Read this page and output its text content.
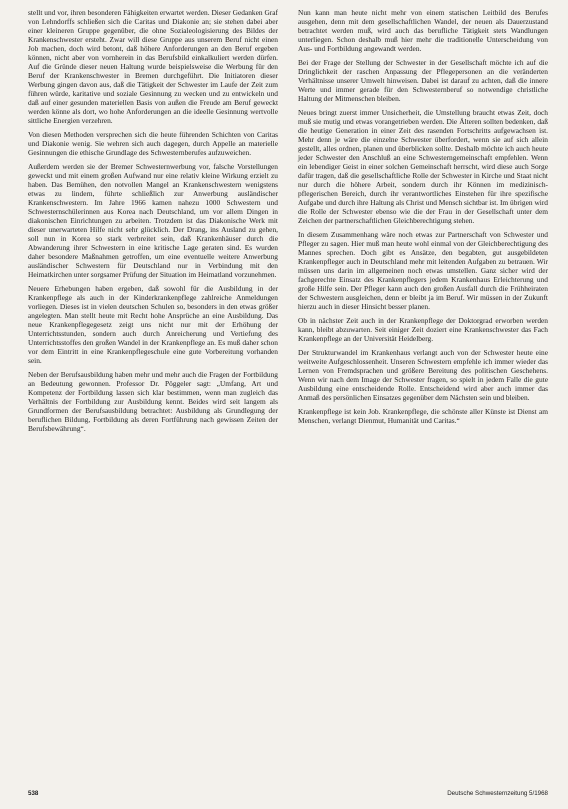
stellt und vor, ihren besonderen Fähigkeiten erwartet werden. Dieser Gedanken Graf von Lehndorffs schließen sich die Caritas und Diakonie an; sie stehen dabei aber einer kleineren Gruppe gegenüber, die ohne Sozialeologisierung des Bildes der Krankenschwester ersteht. Zwar will diese Gruppe aus unserem Beruf nicht einen Job machen, doch wird betont, daß höhere Anforderungen an den Beruf ergeben können, nicht aber von vornherein in das Berufsbild einkalkuliert werden dürfen. Auf die Gründe dieser neuen Haltung wurde beispielsweise die Werbung für den Beruf der Krankenschwester in Bremen durchgeführt. Die Initiatoren dieser Werbung gingen davon aus, daß die Tätigkeit der Schwester im Laufe der Zeit zum führen würde, karitative und soziale Gesinnung zu wecken und zu entwickeln und daß auf einer gesunden materiellen Basis von außen die Freude am Beruf geweckt werden könne als dort, wo hohe Anforderungen an die ideelle Gesinnung wertvolle sittliche Energien verzehren.

Von diesen Methoden versprechen sich die heute führenden Schichten von Caritas und Diakonie wenig. Sie wehren sich auch dagegen, durch Appelle an materielle Gesinnungen die ethische Grundlage des Schwesternberufes aufzuweichen.

Außerdem werden sie der Bremer Schwesternwerbung vor, falsche Vorstellungen geweckt und mit einem großen Aufwand nur eine relativ kleine Wirkung erzielt zu haben. Das Bemühen, den notvollen Mangel an Krankenschwestern wenigstens etwas zu lindern, führte schließlich zur Anwerbung ausländischer Krankenschwestern. Im Jahre 1966 kamen nahezu 1000 Schwestern und Schwesternschülerinnen aus Korea nach Deutschland, um vor allem Dingen in diakonischen Einrichtungen zu arbeiten. Trotzdem ist das Diakonische Werk mit dieser unerwarteten Hilfe nicht sehr glücklich. Der Drang, ins Ausland zu gehen, soll nun in Korea so stark verbreitet sein, daß Krankenhäuser durch die Abwanderung ihrer Schwestern in eine kritische Lage geraten sind. Es wurden daher besondere Maßnahmen getroffen, um eine eventuelle weitere Anwerbung ausländischer Schwestern für Deutschland nur in Verbindung mit den Heimatkirchen unter sorgsamer Prüfung der Situation im Heimatland vorzunehmen.

Neuere Erhebungen haben ergeben, daß sowohl für die Ausbildung in der Krankenpflege als auch in der Kinderkrankenpflege zahlreiche Anmeldungen vorliegen. Dieses ist in vielen deutschen Schulen so, besonders in den etwas größer angelegten. Man stellt heute mit Recht hohe Ansprüche an eine Ausbildung. Das neue Krankenpflegegesetz zeigt uns nicht nur mit der Erhöhung der Unterrichtsstunden, sondern auch durch Anreicherung und Vertiefung des Unterrichtsstoffes den großen Wandel in der Krankenpflege an. Es muß daher schon vor dem Eintritt in eine Krankenpflegeschule eine gute Vorbereitung vorhanden sein.

Neben der Berufsausbildung haben mehr und mehr auch die Fragen der Fortbildung an Bedeutung gewonnen. Professor Dr. Pöggeler sagt: „Umfang, Art und Kompetenz der Fortbildung lassen sich klar bestimmen, wenn man zugleich das Verhältnis der Fortbildung zur Ausbildung kennt. Beides wird seit langem als Grundformen der Berufsausbildung betrachtet: Ausbildung als Grundlegung der beruflichen Bildung, Fortbildung als deren Fortführung nach gewissen Zeiten der Berufsbewährung“.

Nun kann man heute nicht mehr von einem statischen Leitbild des Berufes ausgehen, denn mit dem gesellschaftlichen Wandel, der neuen als Dauerzustand betrachtet werden muß, wird auch das berufliche Tätigkeit stets Wandlungen unterliegen. Schon deshalb muß hier mehr die traditionelle Unterscheidung von Aus- und Fortbildung angewandt werden.

Bei der Frage der Stellung der Schwester in der Gesellschaft möchte ich auf die Dringlichkeit der raschen Anpassung der Pflegepersonen an die veränderten Verhältnisse unserer Umwelt hinweisen. Dabei ist darauf zu achten, daß die innere Werte und immer gerade für den Schwesternberuf so notwendige christliche Haltung der Mitmenschen bleiben.

Neues bringt zuerst immer Unsicherheit, die Umstellung braucht etwas Zeit, doch muß sie mutig und etwas vorangetrieben werden. Die Älteren sollten bedenken, daß die heutige Generation in einer Zeit des rasenden Fortschritts aufgewachsen ist. Mehr denn je wäre die einzelne Schwester überfordert, wenn sie auf sich allein gestellt, alles ordnen, planen und überblicken sollte. Deshalb möchte ich auch heute jeder Schwester den Anschluß an eine Schwesterngemeinschaft empfehlen. Wenn ein lebendiger Geist in einer solchen Gemeinschaft herrscht, wird diese auch Sorge dafür tragen, daß die gesellschaftliche Rolle der Schwester in Kirche und Staat nicht nur durch die höhere Arbeit, sondern durch ihr Können im medizinisch-pflegerischen Bereich, durch ihr verantwortliches Einstehen für ihre spezifische Aufgabe und durch ihre Haltung als Christ und Mensch sichtbar ist. Im übrigen wird die Rolle der Schwester ebenso wie die der Frau in der Gesellschaft unter dem Zeichen der partnerschaftlichen Gleichberechtigung stehen.

In diesem Zusammenhang wäre noch etwas zur Partnerschaft von Schwester und Pfleger zu sagen. Hier muß man heute wohl einmal von der Gleichberechtigung des Mannes sprechen. Doch gibt es Ansätze, den begabten, gut ausgebildeten Krankenpfleger auch in Deutschland mehr mit leitenden Aufgaben zu betrauen. Wir müssen uns darin im allgemeinen noch etwas umstellen. Ganz sicher wird der fachgerechte Einsatz des Krankenpflegers jedem Krankenhaus Erleichterung und große Hilfe sein. Der Pfleger kann auch den großen Ausfall durch die Frühheiraten der Schwestern ausgleichen, denn er bleibt ja im Beruf. Wir müssen in der Zukunft hierzu auch in dieser Hinsicht besser planen.

Ob in nächster Zeit auch in der Krankenpflege der Doktorgrad erworben werden kann, bleibt abzuwarten. Seit einiger Zeit doziert eine Krankenschwester das Fach Krankenpflege an der Universität Heidelberg.

Der Strukturwandel im Krankenhaus verlangt auch von der Schwester heute eine weitweite Aufgeschlossenheit. Unseren Schwestern empfehle ich immer wieder das Lernen von Fremdsprachen und größere Bereitung des politischen Geschehens. Wenn wir nach dem Image der Schwester fragen, so spielt in jedem Falle die gute Ausbildung eine entscheidende Rolle. Entscheidend wird aber auch immer das Anmaß des persönlichen Einsatzes gegenüber dem Nächsten sein und bleiben.

Krankenpflege ist kein Job. Krankenpflege, die schönste aller Künste ist Dienst am Menschen, verlangt Dienmut, Humanität und Caritas.“

538	Deutsche Schwesternzeitung 5/1968
